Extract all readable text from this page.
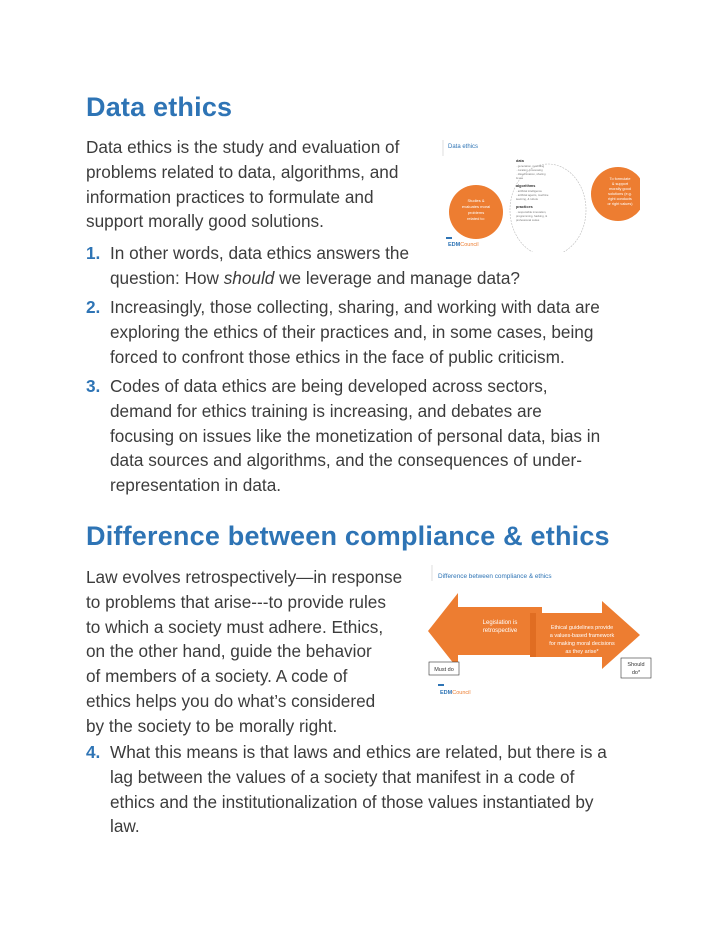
Data ethics
Data ethics is the study and evaluation of
problems related to data, algorithms, and
information practices to formulate and
support morally good solutions.
Data ethics
Studies &
evaluates moral
problems
related to:
data
· generation, recording
· curation, processing
· dissemination, sharing
& use
algorithms
· artificial intelligence
· artificial agents, machine
learning, & robots
practices
· responsible innovation,
programming, hacking, &
professional codes
To formulate
& support
morally good
solutions (e.g.
right conducts
or right values)
EDMCouncil
1. In other words, data ethics answers the
question: How should we leverage and manage data?
2. Increasingly, those collecting, sharing, and working with data are
exploring the ethics of their practices and, in some cases, being
forced to confront those ethics in the face of public criticism.
3. Codes of data ethics are being developed across sectors,
demand for ethics training is increasing, and debates are
focusing on issues like the monetization of personal data, bias in
data sources and algorithms, and the consequences of under-
representation in data.
Difference between compliance & ethics
Law evolves retrospectively—in response
to problems that arise---to provide rules
to which a society must adhere. Ethics,
on the other hand, guide the behavior
of members of a society. A code of
ethics helps you do what’s considered
by the society to be morally right.
Difference between compliance & ethics
Legislation is
retrospective	Ethical guidelines provide
a values-based framework
for making moral decisions
as they arise*
Must do
Should
do*
EDMCouncil
4. What this means is that laws and ethics are related, but there is a
lag between the values of a society that manifest in a code of
ethics and the institutionalization of those values instantiated by
law.
